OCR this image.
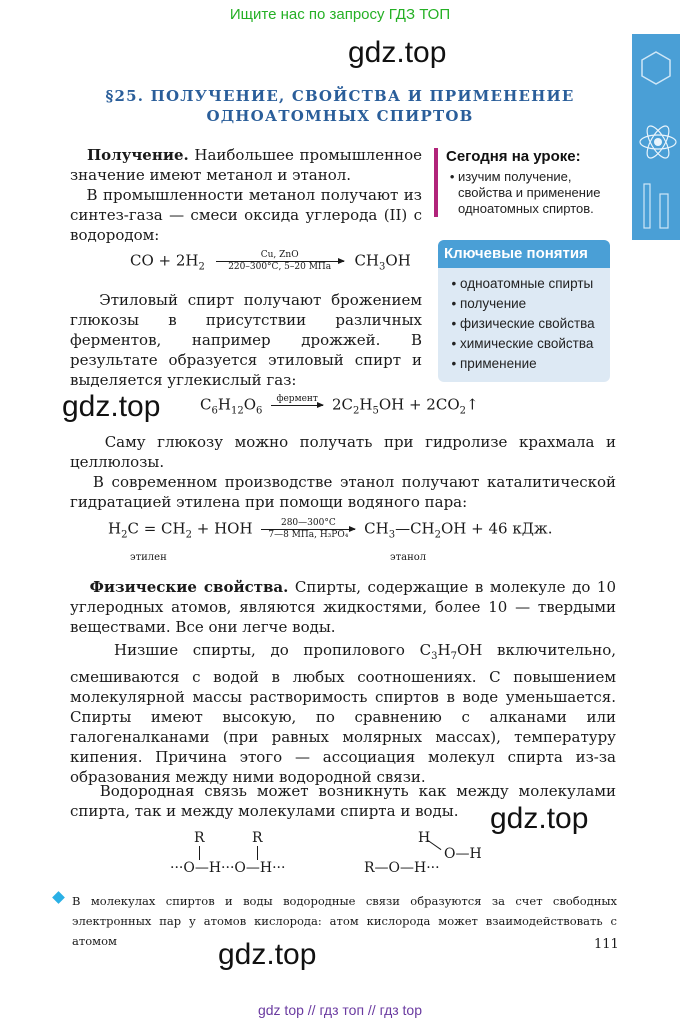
Ищите нас по запросу ГДЗ ТОП
gdz.top
§25. ПОЛУЧЕНИЕ, СВОЙСТВА И ПРИМЕНЕНИЕ
ОДНОАТОМНЫХ СПИРТОВ
Получение. Наибольшее промышленное значение имеют метанол и этанол.
В промышленности метанол получают из синтез-газа — смеси оксида углерода (II) с водородом:
Сегодня на уроке:
• изучим получение, свойства и применение одноатомных спиртов.
Ключевые понятия
• одноатомные спирты
• получение
• физические свойства
• химические свойства
• применение
CO + $2H_2$
Cu, ZnO
220–300°С, 5–20 МПа	$CH_3OH$
Этиловый спирт получают брожением глюкозы в присутствии различных ферментов, например дрожжей. В результате образуется этиловый спирт и выделяется углекислый газ:
gdz.top	$C_6H_{12}O_6$
фермент
$2C_2H_5OH$ + $2CO_2↑$
Саму глюкозу можно получать при гидролизе крахмала и целлюлозы.
В современном производстве этанол получают каталитической гидратацией этилена при помощи водяного пара:
$H_2C = CH_2$ + HOH	280—300°С
7—8 МПа, H₃PO₄	$CH_3—CH_2OH + 46$ кДж.
этилен	этанол
Физические свойства. Спирты, содержащие в молекуле до 10 углеродных атомов, являются жидкостями, более 10 — твердыми веществами. Все они легче воды.
Низшие спирты, до пропилового $C_3H_7OH$ включительно, смешиваются с водой в любых соотношениях. С повышением молекулярной массы растворимость спиртов в воде уменьшается. Спирты имеют высокую, по сравнению с алканами или галогеналканами (при равных молярных массах), температуру кипения. Причина этого — ассоциация молекул спирта из-за образования между ними водородной связи.
Водородная связь может возникнуть как между молекулами спирта, так и между молекулами спирта и воды.	gdz.top
R	R
···O—H···O—H···
H
O—H
R—O—H···
В молекулах спиртов и воды водородные связи образуются за счет свободных электронных пар у атомов кислорода: атом кислорода может взаимодействовать с атомом	gdz.top	111
gdz top // гдз топ // гдз top
